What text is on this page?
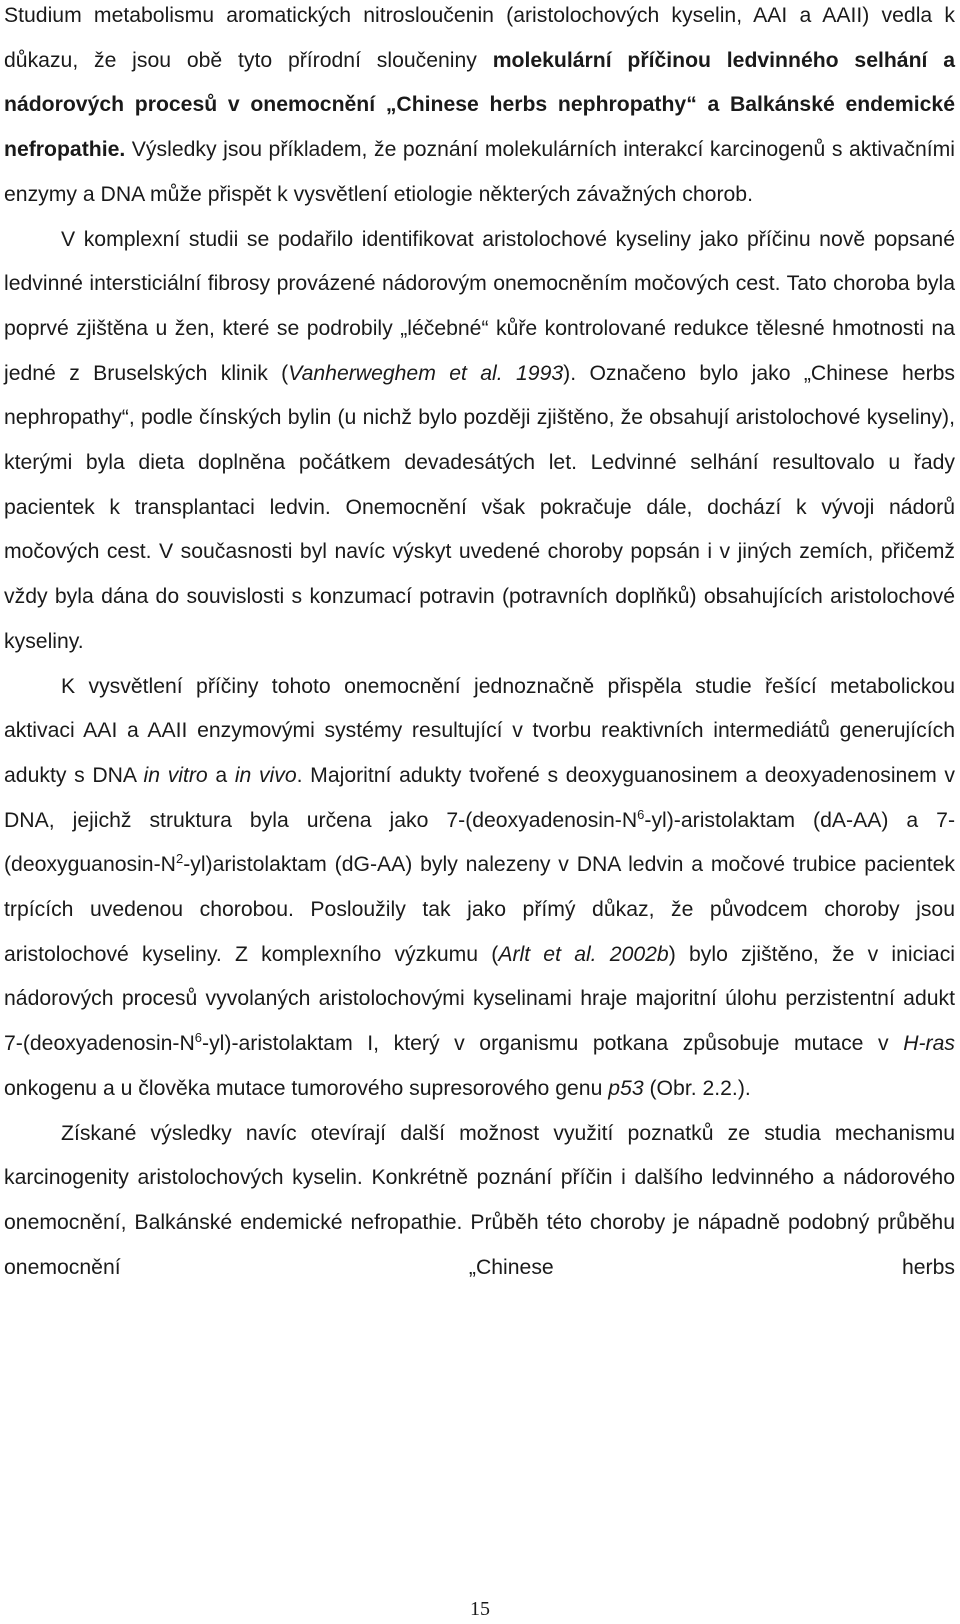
Studium metabolismu aromatických nitrosloučenin (aristolochových kyselin, AAI a AAII) vedla k důkazu, že jsou obě tyto přírodní sloučeniny molekulární příčinou ledvinného selhání a nádorových procesů v onemocnění „Chinese herbs nephropathy“ a Balkánské endemické nefropathie. Výsledky jsou příkladem, že poznání molekulárních interakcí karcinogenů s aktivačními enzymy a DNA může přispět k vysvětlení etiologie některých závažných chorob.

V komplexní studii se podařilo identifikovat aristolochové kyseliny jako příčinu nově popsané ledvinné intersticiální fibrosy provázené nádorovým onemocněním močových cest. Tato choroba byla poprvé zjištěna u žen, které se podrobily „léčebné“ kůře kontrolované redukce tělesné hmotnosti na jedné z Bruselských klinik (Vanherweghem et al. 1993). Označeno bylo jako „Chinese herbs nephropathy“, podle čínských bylin (u nichž bylo později zjištěno, že obsahují aristolochové kyseliny), kterými byla dieta doplněna počátkem devadesátých let. Ledvinné selhání resultovalo u řady pacientek k transplantaci ledvin. Onemocnění však pokračuje dále, dochází k vývoji nádorů močových cest. V současnosti byl navíc výskyt uvedené choroby popsán i v jiných zemích, přičemž vždy byla dána do souvislosti s konzumací potravin (potravních doplňků) obsahujících aristolochové kyseliny.

K vysvětlení příčiny tohoto onemocnění jednoznačně přispěla studie řešící metabolickou aktivaci AAI a AAII enzymovými systémy resultující v tvorbu reaktivních intermediátů generujících adukty s DNA in vitro a in vivo. Majoritní adukty tvořené s deoxyguanosinem a deoxyadenosinem v DNA, jejichž struktura byla určena jako $7-(deoxyadenosin-N^6-yl)$-aristolaktam (dA-AA) a $7-(deoxyguanosin-N^2-yl)aristolaktam$ (dG-AA) byly nalezeny v DNA ledvin a močové trubice pacientek trpících uvedenou chorobou. Posloužily tak jako přímý důkaz, že původcem choroby jsou aristolochové kyseliny. Z komplexního výzkumu (Arlt et al. 2002b) bylo zjištěno, že v iniciaci nádorových procesů vyvolaných aristolochovými kyselinami hraje majoritní úlohu perzistentní adukt $7-(deoxyadenosin-N^6-yl)$-aristolaktam I, který v organismu potkana způsobuje mutace v H-ras onkogenu a u člověka mutace tumorového supresorového genu p53 (Obr. 2.2.).

Získané výsledky navíc otevírají další možnost využití poznatků ze studia mechanismu karcinogenity aristolochových kyselin. Konkrétně poznání příčin i dalšího ledvinného a nádorového onemocnění, Balkánské endemické nefropathie. Průběh této choroby je nápadně podobný průběhu onemocnění „Chinese herbs

15
